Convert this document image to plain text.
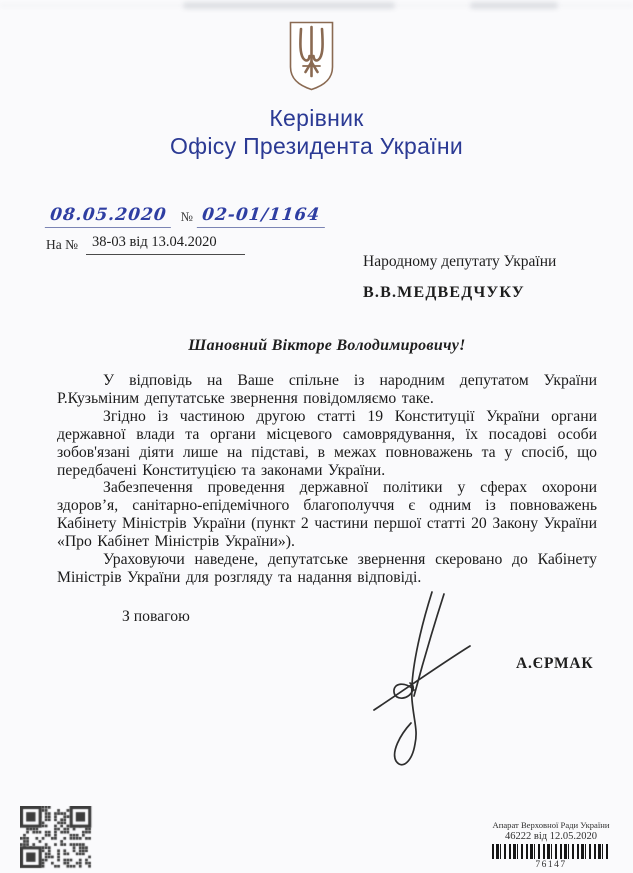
Керівник
Офісу Президента України
08.05.2020 № 02-01/1164
На № 38-03 від 13.04.2020
Народному депутату України
В.В.МЕДВЕДЧУКУ
Шановний Вікторе Володимировичу!

У відповідь на Ваше спільне із народним депутатом України Р.Кузьміним депутатське звернення повідомляємо таке.

Згідно із частиною другою статті 19 Конституції України органи державної влади та органи місцевого самоврядування, їх посадові особи зобов'язані діяти лише на підставі, в межах повноважень та у спосіб, що передбачені Конституцією та законами України.

Забезпечення проведення державної політики у сферах охорони здоров’я, санітарно-епідемічного благополуччя є одним із повноважень Кабінету Міністрів України (пункт 2 частини першої статті 20 Закону України «Про Кабінет Міністрів України»).

Ураховуючи наведене, депутатське звернення скеровано до Кабінету Міністрів України для розгляду та надання відповіді.

З повагою
А.ЄРМАК
Апарат Верховної Ради України
46222 від 12.05.2020
76147
